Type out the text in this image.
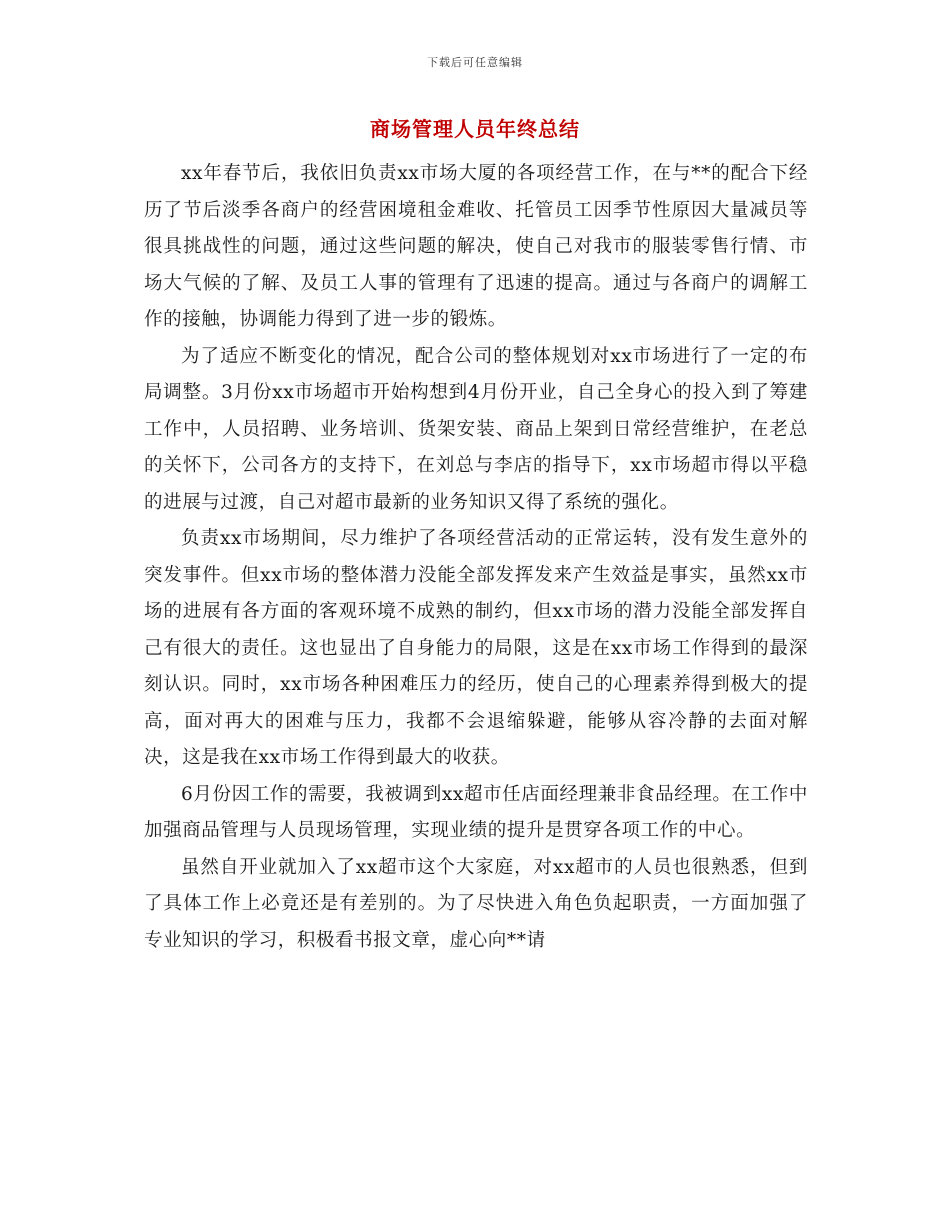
下载后可任意编辑
商场管理人员年终总结

xx年春节后，我依旧负责xx市场大厦的各项经营工作，在与**的配合下经历了节后淡季各商户的经营困境租金难收、托管员工因季节性原因大量减员等很具挑战性的问题，通过这些问题的解决，使自己对我市的服装零售行情、市场大气候的了解、及员工人事的管理有了迅速的提高。通过与各商户的调解工作的接触，协调能力得到了进一步的锻炼。

为了适应不断变化的情况，配合公司的整体规划对xx市场进行了一定的布局调整。3月份xx市场超市开始构想到4月份开业，自己全身心的投入到了筹建工作中，人员招聘、业务培训、货架安装、商品上架到日常经营维护，在老总的关怀下，公司各方的支持下，在刘总与李店的指导下，xx市场超市得以平稳的进展与过渡，自己对超市最新的业务知识又得了系统的强化。

负责xx市场期间，尽力维护了各项经营活动的正常运转，没有发生意外的突发事件。但xx市场的整体潜力没能全部发挥发来产生效益是事实，虽然xx市场的进展有各方面的客观环境不成熟的制约，但xx市场的潜力没能全部发挥自己有很大的责任。这也显出了自身能力的局限，这是在xx市场工作得到的最深刻认识。同时，xx市场各种困难压力的经历，使自己的心理素养得到极大的提高，面对再大的困难与压力，我都不会退缩躲避，能够从容冷静的去面对解决，这是我在xx市场工作得到最大的收获。

6月份因工作的需要，我被调到xx超市任店面经理兼非食品经理。在工作中加强商品管理与人员现场管理，实现业绩的提升是贯穿各项工作的中心。

虽然自开业就加入了xx超市这个大家庭，对xx超市的人员也很熟悉，但到了具体工作上必竟还是有差别的。为了尽快进入角色负起职责，一方面加强了专业知识的学习，积极看书报文章，虚心向**请
